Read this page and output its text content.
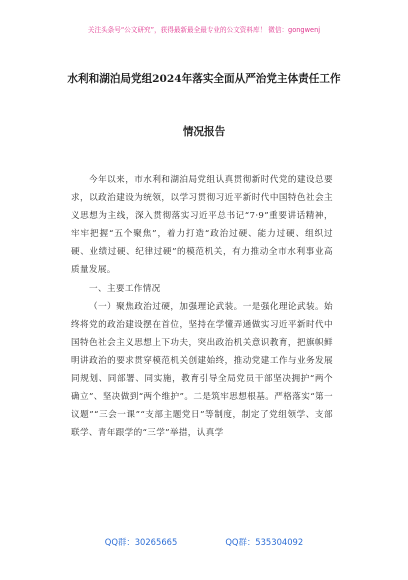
关注头条号“公文研究”，获得最新最全最专业的公文资料库！ 微信：gongwenj
水利和湖泊局党组2024年落实全面从严治党主体责任工作
情况报告

今年以来，市水利和湖泊局党组认真贯彻新时代党的建设总要求，以政治建设为统领，以学习贯彻习近平新时代中国特色社会主义思想为主线，深入贯彻落实习近平总书记“7·9”重要讲话精神，牢牢把握“五个聚焦”，着力打造“政治过硬、能力过硬、组织过硬、业绩过硬、纪律过硬”的模范机关，有力推动全市水利事业高质量发展。

一、主要工作情况

（一）聚焦政治过硬，加强理论武装。一是强化理论武装。始终将党的政治建设摆在首位，坚持在学懂弄通做实习近平新时代中国特色社会主义思想上下功夫，突出政治机关意识教育，把旗帜鲜明讲政治的要求贯穿模范机关创建始终，推动党建工作与业务发展同规划、同部署、同实施，教育引导全局党员干部坚决拥护“两个确立”、坚决做到“两个维护”。二是筑牢思想根基。严格落实“第一议题”“三会一课”“支部主题党日”等制度，制定了党组领学、支部联学、青年跟学的“三学”举措，认真学

QQ群：30265665	QQ群：535304092
